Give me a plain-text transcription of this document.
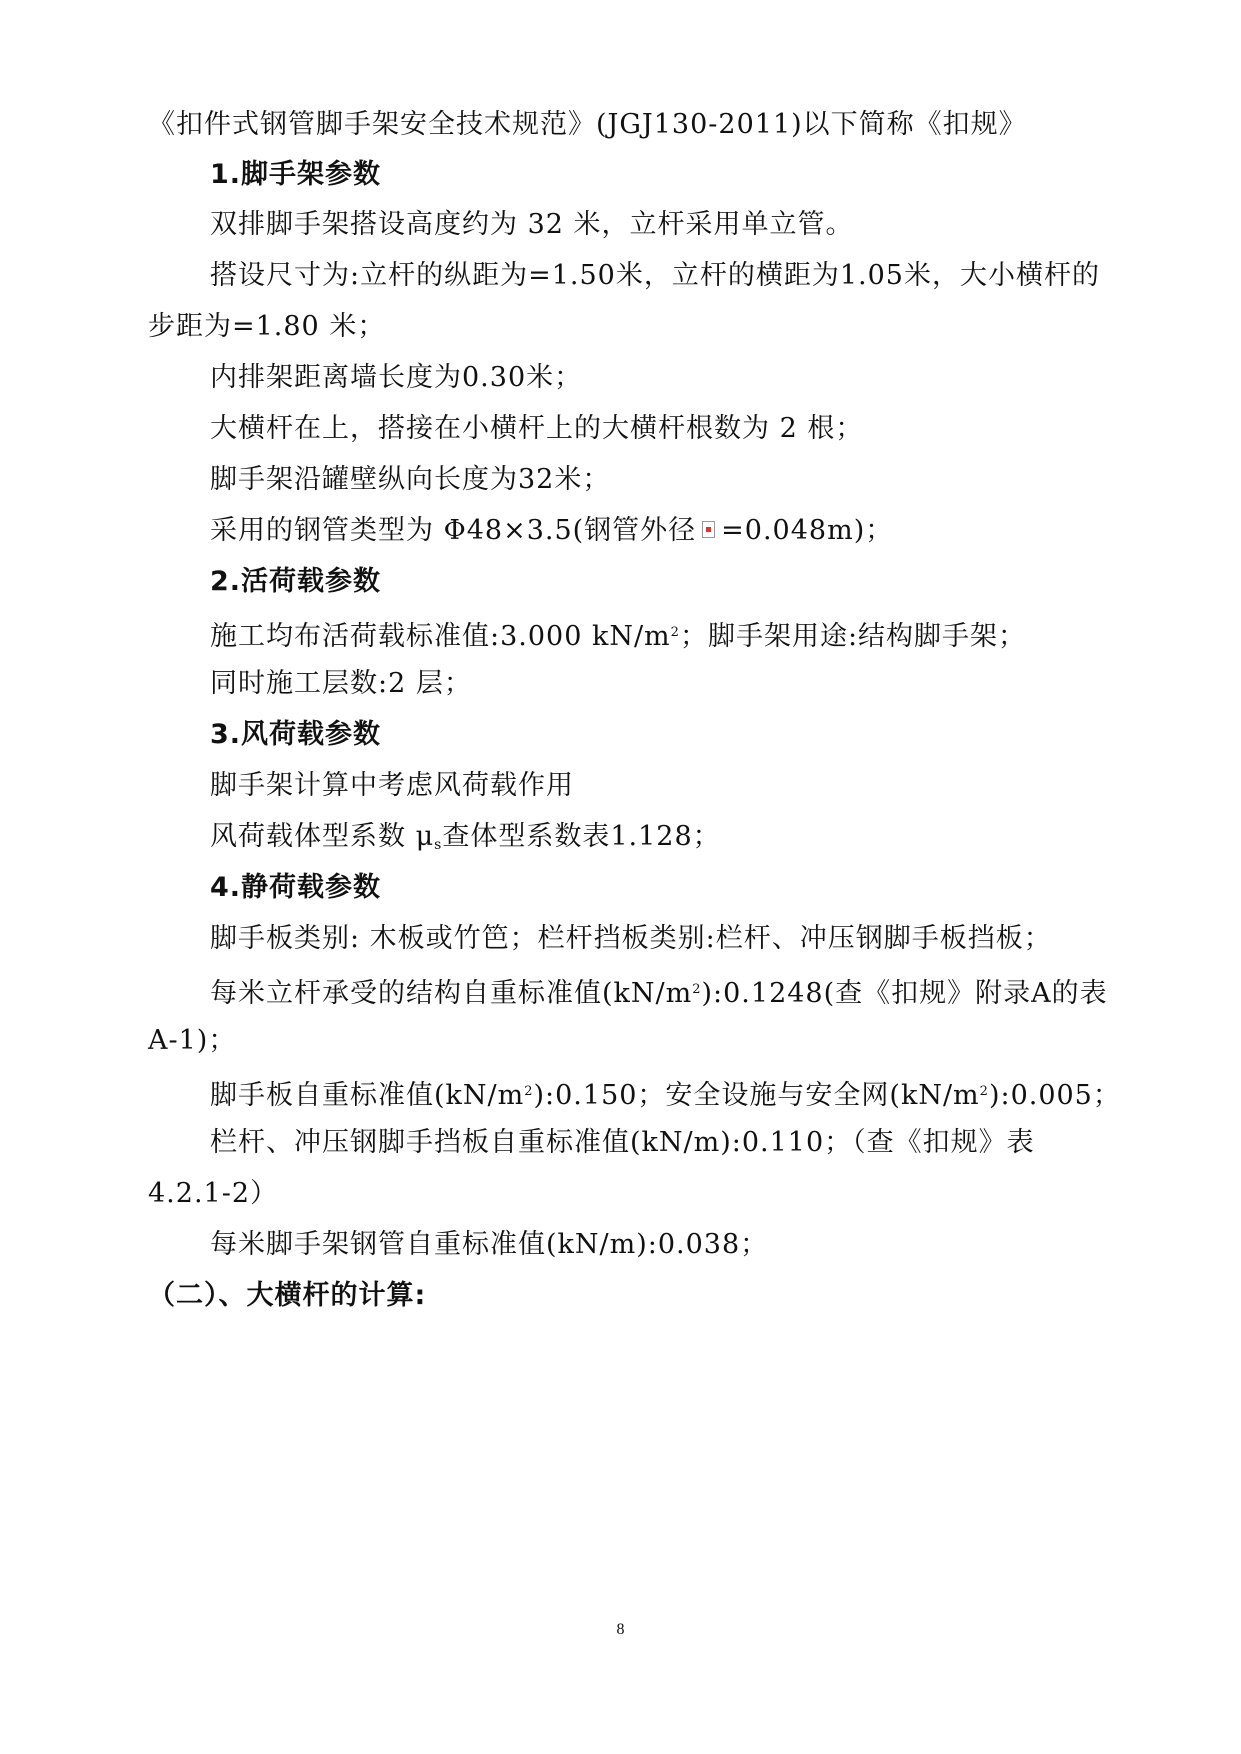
《扣件式钢管脚手架安全技术规范》(JGJ130-2011)以下简称《扣规》
1.脚手架参数
双排脚手架搭设高度约为 32 米，立杆采用单立管。
搭设尺寸为:立杆的纵距为=1.50米，立杆的横距为1.05米，大小横杆的
步距为=1.80 米；
内排架距离墙长度为0.30米；
大横杆在上，搭接在小横杆上的大横杆根数为 2 根；
脚手架沿罐壁纵向长度为32米；
采用的钢管类型为 Φ48×3.5(钢管外径 =0.048m)；
2.活荷载参数
施工均布活荷载标准值:3.000 $kN/m^2$；脚手架用途:结构脚手架；
同时施工层数:2 层；
3.风荷载参数
脚手架计算中考虑风荷载作用
风荷载体型系数 $\mu_s$查体型系数表1.128；
4.静荷载参数
脚手板类别: 木板或竹笆；栏杆挡板类别:栏杆、冲压钢脚手板挡板；
每米立杆承受的结构自重标准值$(kN/m^2):0.1248$(查《扣规》附录A的表
A-1)；
脚手板自重标准值$(kN/m^2):0.150$；安全设施与安全网$(kN/m^2):0.005$；
栏杆、冲压钢脚手挡板自重标准值(kN/m):0.110；（查《扣规》表
4.2.1-2）
每米脚手架钢管自重标准值(kN/m):0.038；
（二）、大横杆的计算:
8
